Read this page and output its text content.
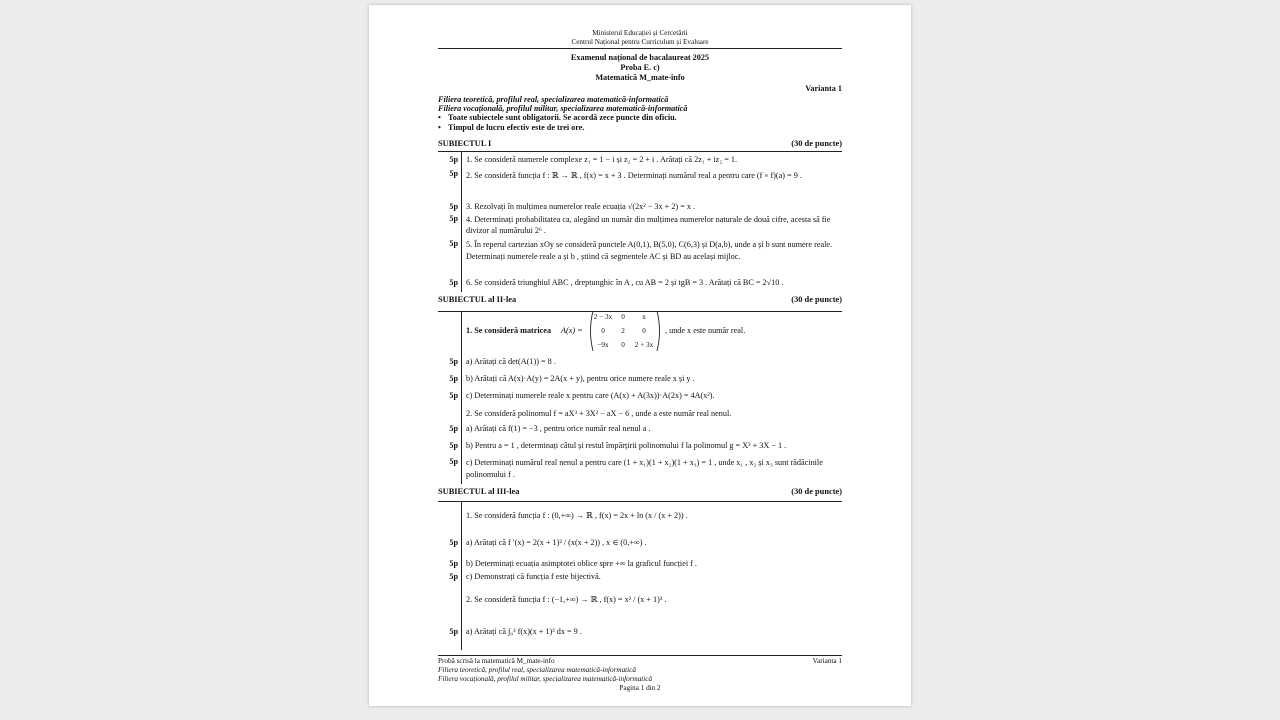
Ministerul Educației și Cercetării
Centrul Național pentru Curriculum și Evaluare
Examenul național de bacalaureat 2025
Proba E. c)
Matematică M_mate-info
Varianta 1
Filiera teoretică, profilul real, specializarea matematică-informatică
Filiera vocațională, profilul militar, specializarea matematică-informatică
• Toate subiectele sunt obligatorii. Se acordă zece puncte din oficiu.
• Timpul de lucru efectiv este de trei ore.
SUBIECTUL I	(30 de puncte)
5p 1. Se consideră numerele complexe z₁ = 1 − i și z₂ = 2 + i . Arătați că 2z₁ + iz₂ = 1.
5p 2. Se consideră funcția f : ℝ → ℝ , f(x) = x + 3 . Determinați numărul real a pentru care (f ∘ f)(a) = 9 .
5p 3. Rezolvați în mulțimea numerelor reale ecuația √(2x² − 3x + 2) = x .
5p 4. Determinați probabilitatea ca, alegând un număr din mulțimea numerelor naturale de două cifre, acesta să fie divizor al numărului 2⁶ .
5p 5. În reperul cartezian xOy se consideră punctele A(0,1), B(5,0), C(6,3) și D(a,b), unde a și b sunt numere reale. Determinați numerele reale a și b , știind că segmentele AC și BD au același mijloc.
5p 6. Se consideră triunghiul ABC , dreptunghic în A , cu AB = 2 și tgB = 3 . Arătați că BC = 2√10 .
SUBIECTUL al II-lea	(30 de puncte)
1. Se consideră matricea A(x) =
2 − 3x	0	x
0	2	0
−9x	0	2 + 3x
, unde x este număr real.
5p a) Arătați că det(A(1)) = 8 .
5p b) Arătați că A(x)·A(y) = 2A(x + y), pentru orice numere reale x și y .
5p c) Determinați numerele reale x pentru care (A(x) + A(3x))·A(2x) = 4A(x²).
2. Se consideră polinomul f = aX³ + 3X² − aX − 6 , unde a este număr real nenul.
5p a) Arătați că f(1) = −3 , pentru orice număr real nenul a .
5p b) Pentru a = 1 , determinați câtul și restul împărțirii polinomului f la polinomul g = X² + 3X − 1 .
5p c) Determinați numărul real nenul a pentru care (1 + x₁)(1 + x₂)(1 + x₃) = 1 , unde x₁ , x₂ și x₃ sunt rădăcinile polinomului f .
SUBIECTUL al III-lea	(30 de puncte)
1. Se consideră funcția f : (0,+∞) → ℝ , f(x) = 2x + ln (x / (x + 2)) .
5p a) Arătați că f ′(x) = 2(x + 1)² / (x(x + 2)) , x ∈ (0,+∞) .
5p b) Determinați ecuația asimptotei oblice spre +∞ la graficul funcției f .
5p c) Demonstrați că funcția f este bijectivă.
2. Se consideră funcția f : (−1,+∞) → ℝ , f(x) = x² / (x + 1)³ .
5p a) Arătați că ∫₀³ f(x)(x + 1)³ dx = 9 .
Probă scrisă la matematică M_mate-info	Varianta 1
Filiera teoretică, profilul real, specializarea matematică-informatică
Filiera vocațională, profilul militar, specializarea matematică-informatică
Pagina 1 din 2
